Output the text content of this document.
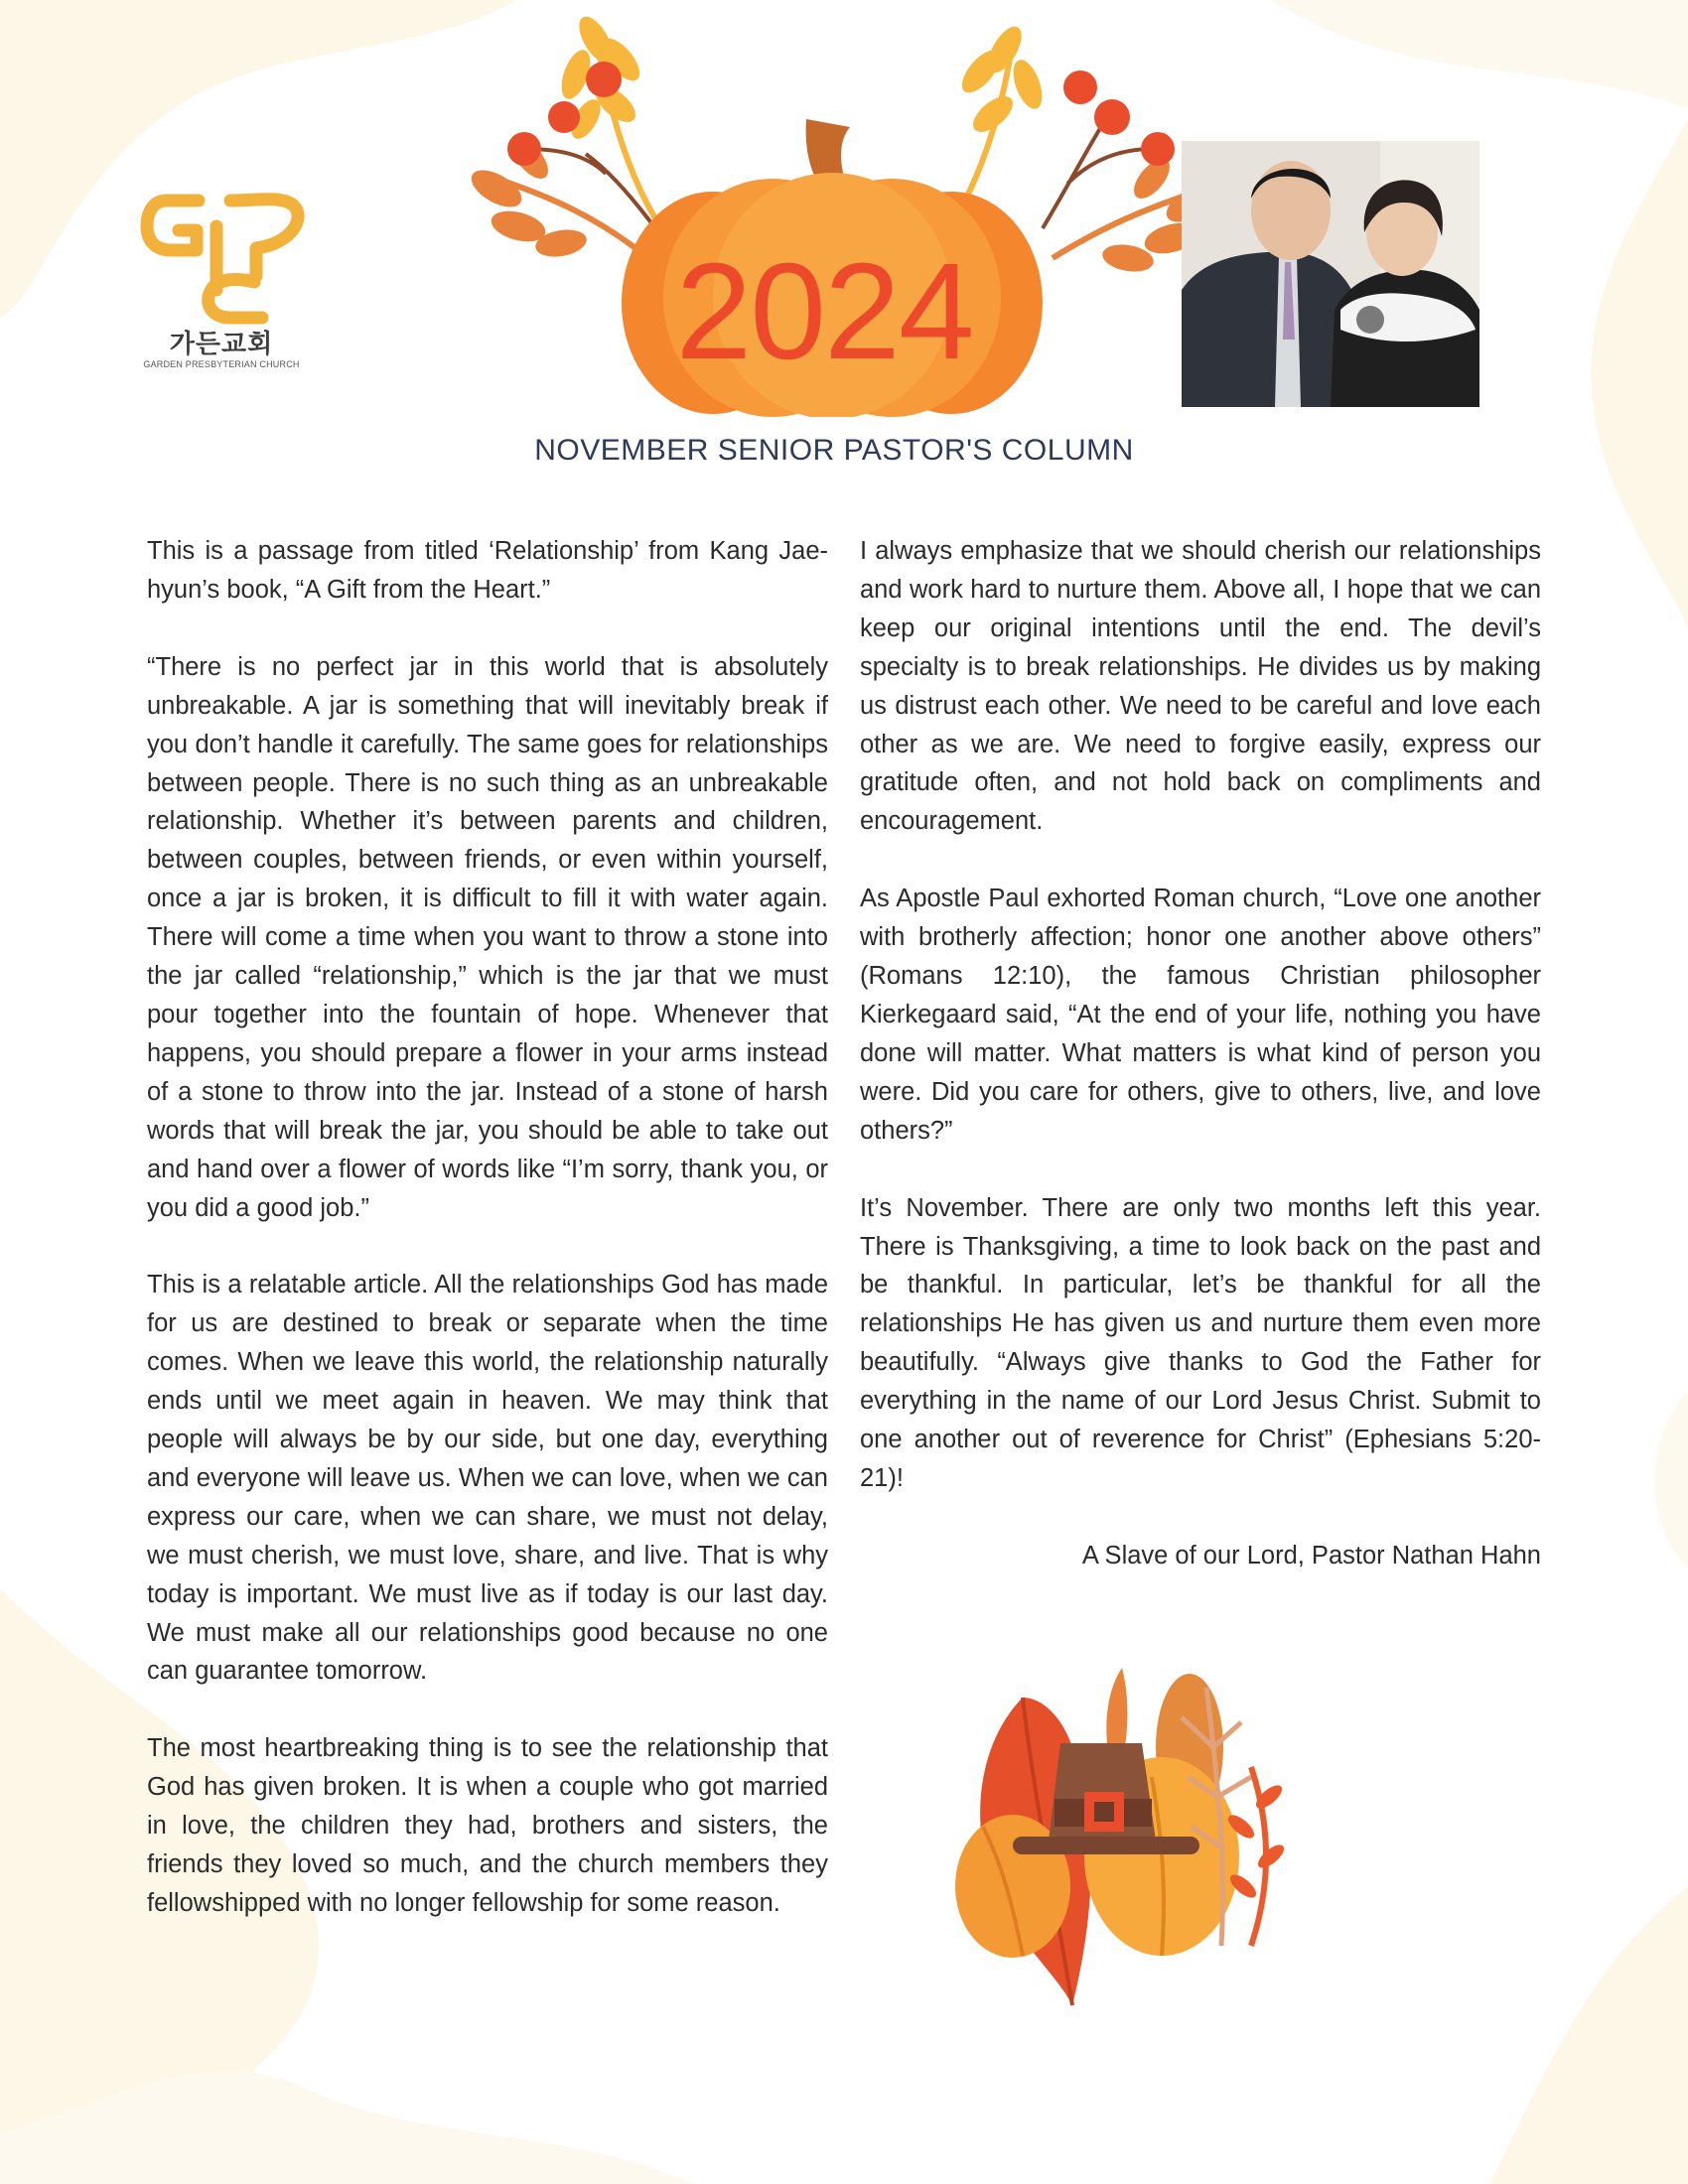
가든교회
GARDEN PRESBYTERIAN CHURCH	2024
NOVEMBER SENIOR PASTOR'S COLUMN

This is a passage from titled ‘Relationship’ from Kang Jae-hyun’s book, “A Gift from the Heart.”

“There is no perfect jar in this world that is absolutely unbreakable. A jar is something that will inevitably break if you don’t handle it carefully. The same goes for relationships between people. There is no such thing as an unbreakable relationship. Whether it’s between parents and children, between couples, between friends, or even within yourself, once a jar is broken, it is difficult to fill it with water again. There will come a time when you want to throw a stone into the jar called “relationship,” which is the jar that we must pour together into the fountain of hope. Whenever that happens, you should prepare a flower in your arms instead of a stone to throw into the jar. Instead of a stone of harsh words that will break the jar, you should be able to take out and hand over a flower of words like “I’m sorry, thank you, or you did a good job.”

This is a relatable article. All the relationships God has made for us are destined to break or separate when the time comes. When we leave this world, the relationship naturally ends until we meet again in heaven. We may think that people will always be by our side, but one day, everything and everyone will leave us. When we can love, when we can express our care, when we can share, we must not delay, we must cherish, we must love, share, and live. That is why today is important. We must live as if today is our last day. We must make all our relationships good because no one can guarantee tomorrow.

The most heartbreaking thing is to see the relationship that God has given broken. It is when a couple who got married in love, the children they had, brothers and sisters, the friends they loved so much, and the church members they fellowshipped with no longer fellowship for some reason.

I always emphasize that we should cherish our relationships and work hard to nurture them. Above all, I hope that we can keep our original intentions until the end. The devil’s specialty is to break relationships. He divides us by making us distrust each other. We need to be careful and love each other as we are. We need to forgive easily, express our gratitude often, and not hold back on compliments and encouragement.

As Apostle Paul exhorted Roman church, “Love one another with brotherly affection; honor one another above others” (Romans 12:10), the famous Christian philosopher Kierkegaard said, “At the end of your life, nothing you have done will matter. What matters is what kind of person you were. Did you care for others, give to others, live, and love others?”

It’s November. There are only two months left this year. There is Thanksgiving, a time to look back on the past and be thankful. In particular, let’s be thankful for all the relationships He has given us and nurture them even more beautifully. “Always give thanks to God the Father for everything in the name of our Lord Jesus Christ. Submit to one another out of reverence for Christ” (Ephesians 5:20-21)!

A Slave of our Lord, Pastor Nathan Hahn
